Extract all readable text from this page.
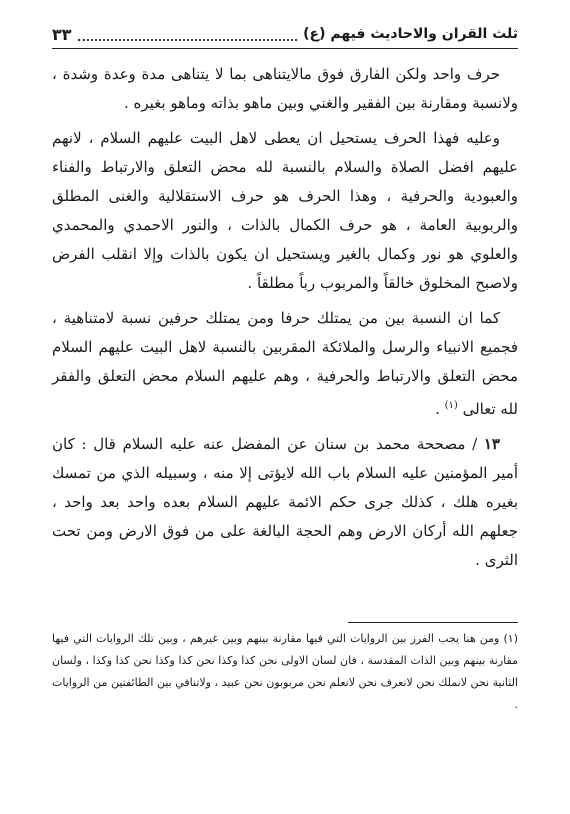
ثلث القران والاحاديث فيهم (ع)
٣٣

حرف واحد ولكن الفارق فوق مالايتناهى بما لا يتناهى مدة وعدة وشدة ، ولانسبة ومقارنة بين الفقير والغني وبين ماهو بذاته وماهو بغيره .

وعليه فهذا الحرف يستحيل ان يعطى لاهل البيت عليهم السلام ، لانهم عليهم افضل الصلاة والسلام بالنسبة لله محض التعلق والارتباط والفناء والعبودية والحرفية ، وهذا الحرف هو حرف الاستقلالية والغنى المطلق والربوبية العامة ، هو حرف الكمال بالذات ، والنور الاحمدي والمحمدي والعلوي هو نور وكمال بالغير ويستحيل ان يكون بالذات وإلا انقلب الفرض ولاصبح المخلوق خالقاً والمربوب رباً مطلقاً .

كما ان النسبة بين من يمتلك حرفا ومن يمتلك حرفين نسبة لامتناهية ، فجميع الانبياء والرسل والملائكة المقربين بالنسبة لاهل البيت عليهم السلام محض التعلق والارتباط والحرفية ، وهم عليهم السلام محض التعلق والفقر لله تعالى $^{(١)}$ .

١٣ / مصححة محمد بن سنان عن المفضل عنه عليه السلام قال : كان أمير المؤمنين عليه السلام باب الله لايؤتى إلا منه ، وسبيله الذي من تمسك بغيره هلك ، كذلك جرى حكم الائمة عليهم السلام بعده واحد بعد واحد ، جعلهم الله أركان الارض وهم الحجة البالغة على من فوق الارض ومن تحت الثرى .

(١) ومن هنا يجب الفرز بين الروايات التي فيها مقارنة بينهم وبين غيرهم ، وبين تلك الروايات التي فيها مقارنة بينهم وبين الذات المقدسة ، فان لسان الاولى نحن كذا وكذا نحن كذا وكذا نحن كذا وكذا ، ولسان الثانية نحن لانملك نحن لانعرف نحن لانعلم نحن مربوبون نحن عبيد ، ولاتنافي بين الطائفتين من الروايات .
